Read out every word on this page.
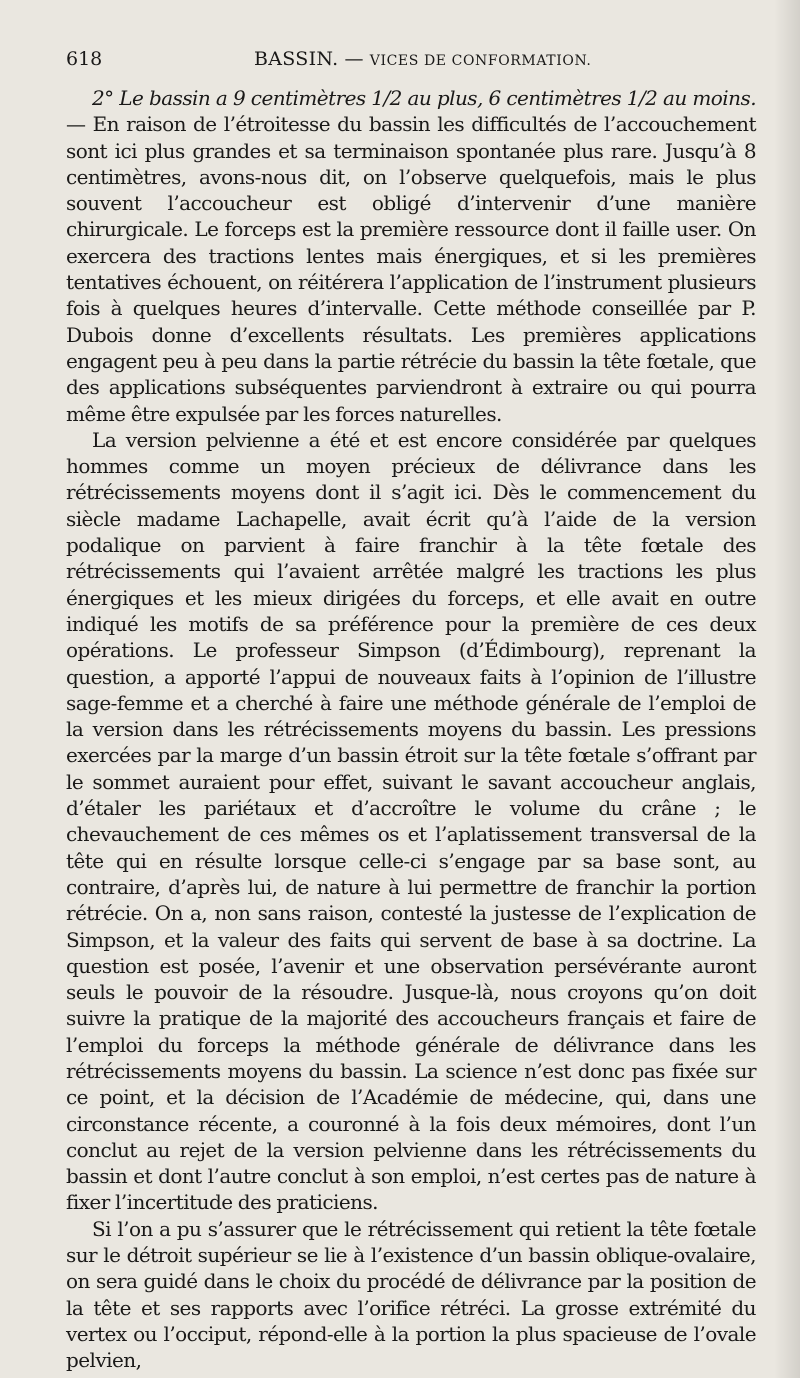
618	BASSIN. — VICES DE CONFORMATION.

2° Le bassin a 9 centimètres 1/2 au plus, 6 centimètres 1/2 au moins.— En raison de l’étroitesse du bassin les difficultés de l’accouchement sont ici plus grandes et sa terminaison spontanée plus rare. Jusqu’à 8 centimètres, avons-nous dit, on l’observe quelquefois, mais le plus souvent l’accoucheur est obligé d’intervenir d’une manière chirurgicale. Le forceps est la première ressource dont il faille user. On exercera des tractions lentes mais énergiques, et si les premières tentatives échouent, on réitérera l’application de l’instrument plusieurs fois à quelques heures d’intervalle. Cette méthode conseillée par P. Dubois donne d’excellents résultats. Les premières applications engagent peu à peu dans la partie rétrécie du bassin la tête fœtale, que des applications subséquentes parviendront à extraire ou qui pourra même être expulsée par les forces naturelles.

La version pelvienne a été et est encore considérée par quelques hommes comme un moyen précieux de délivrance dans les rétrécissements moyens dont il s’agit ici. Dès le commencement du siècle madame Lachapelle, avait écrit qu’à l’aide de la version podalique on parvient à faire franchir à la tête fœtale des rétrécissements qui l’avaient arrêtée malgré les tractions les plus énergiques et les mieux dirigées du forceps, et elle avait en outre indiqué les motifs de sa préférence pour la première de ces deux opérations. Le professeur Simpson (d’Édimbourg), reprenant la question, a apporté l’appui de nouveaux faits à l’opinion de l’illustre sage-femme et a cherché à faire une méthode générale de l’emploi de la version dans les rétrécissements moyens du bassin. Les pressions exercées par la marge d’un bassin étroit sur la tête fœtale s’offrant par le sommet auraient pour effet, suivant le savant accoucheur anglais, d’étaler les pariétaux et d’accroître le volume du crâne ; le chevauchement de ces mêmes os et l’aplatissement transversal de la tête qui en résulte lorsque celle-ci s’engage par sa base sont, au contraire, d’après lui, de nature à lui permettre de franchir la portion rétrécie. On a, non sans raison, contesté la justesse de l’explication de Simpson, et la valeur des faits qui servent de base à sa doctrine. La question est posée, l’avenir et une observation persévérante auront seuls le pouvoir de la résoudre. Jusque-là, nous croyons qu’on doit suivre la pratique de la majorité des accoucheurs français et faire de l’emploi du forceps la méthode générale de délivrance dans les rétrécissements moyens du bassin. La science n’est donc pas fixée sur ce point, et la décision de l’Académie de médecine, qui, dans une circonstance récente, a couronné à la fois deux mémoires, dont l’un conclut au rejet de la version pelvienne dans les rétrécissements du bassin et dont l’autre conclut à son emploi, n’est certes pas de nature à fixer l’incertitude des praticiens.

Si l’on a pu s’assurer que le rétrécissement qui retient la tête fœtale sur le détroit supérieur se lie à l’existence d’un bassin oblique-ovalaire, on sera guidé dans le choix du procédé de délivrance par la position de la tête et ses rapports avec l’orifice rétréci. La grosse extrémité du vertex ou l’occiput, répond-elle à la portion la plus spacieuse de l’ovale pelvien,
